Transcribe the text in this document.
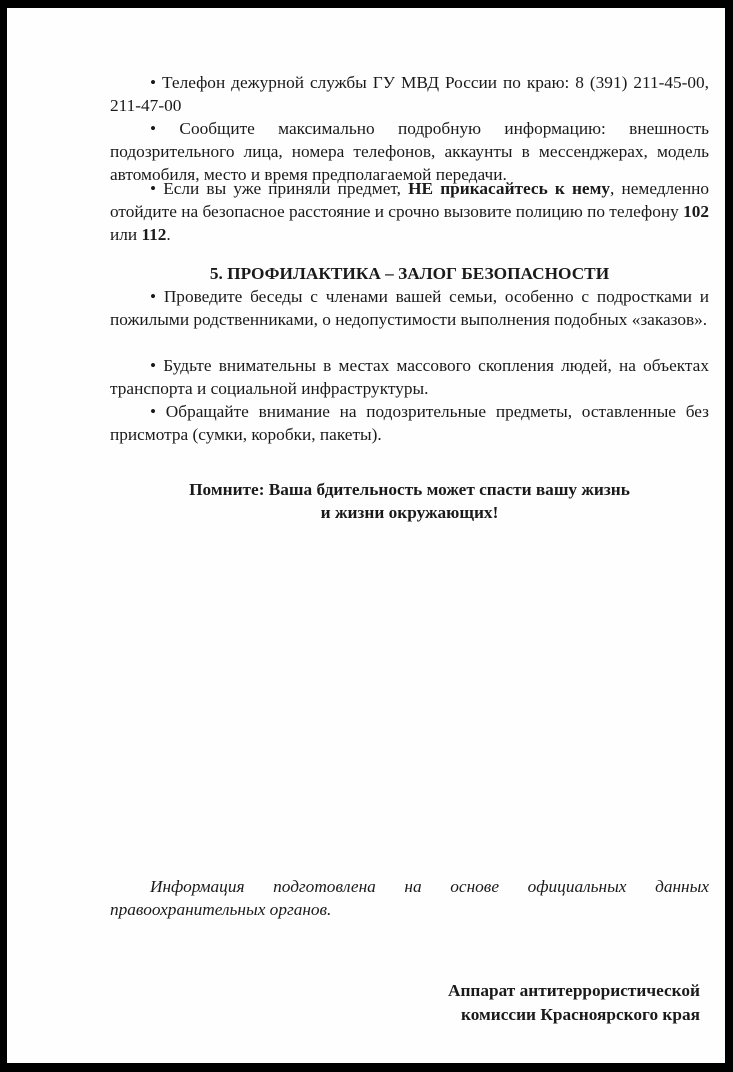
• Телефон дежурной службы ГУ МВД России по краю: 8 (391) 211-45-00, 211-47-00

• Сообщите максимально подробную информацию: внешность подозрительного лица, номера телефонов, аккаунты в мессенджерах, модель автомобиля, место и время предполагаемой передачи.

• Если вы уже приняли предмет, НЕ прикасайтесь к нему, немедленно отойдите на безопасное расстояние и срочно вызовите полицию по телефону 102 или 112.

5. ПРОФИЛАКТИКА – ЗАЛОГ БЕЗОПАСНОСТИ

• Проведите беседы с членами вашей семьи, особенно с подростками и пожилыми родственниками, о недопустимости выполнения подобных «заказов».

• Будьте внимательны в местах массового скопления людей, на объектах транспорта и социальной инфраструктуры.

• Обращайте внимание на подозрительные предметы, оставленные без присмотра (сумки, коробки, пакеты).

Помните: Ваша бдительность может спасти вашу жизнь
и жизни окружающих!

Информация подготовлена на основе официальных данных правоохранительных органов.

Аппарат антитеррористической
комиссии Красноярского края
